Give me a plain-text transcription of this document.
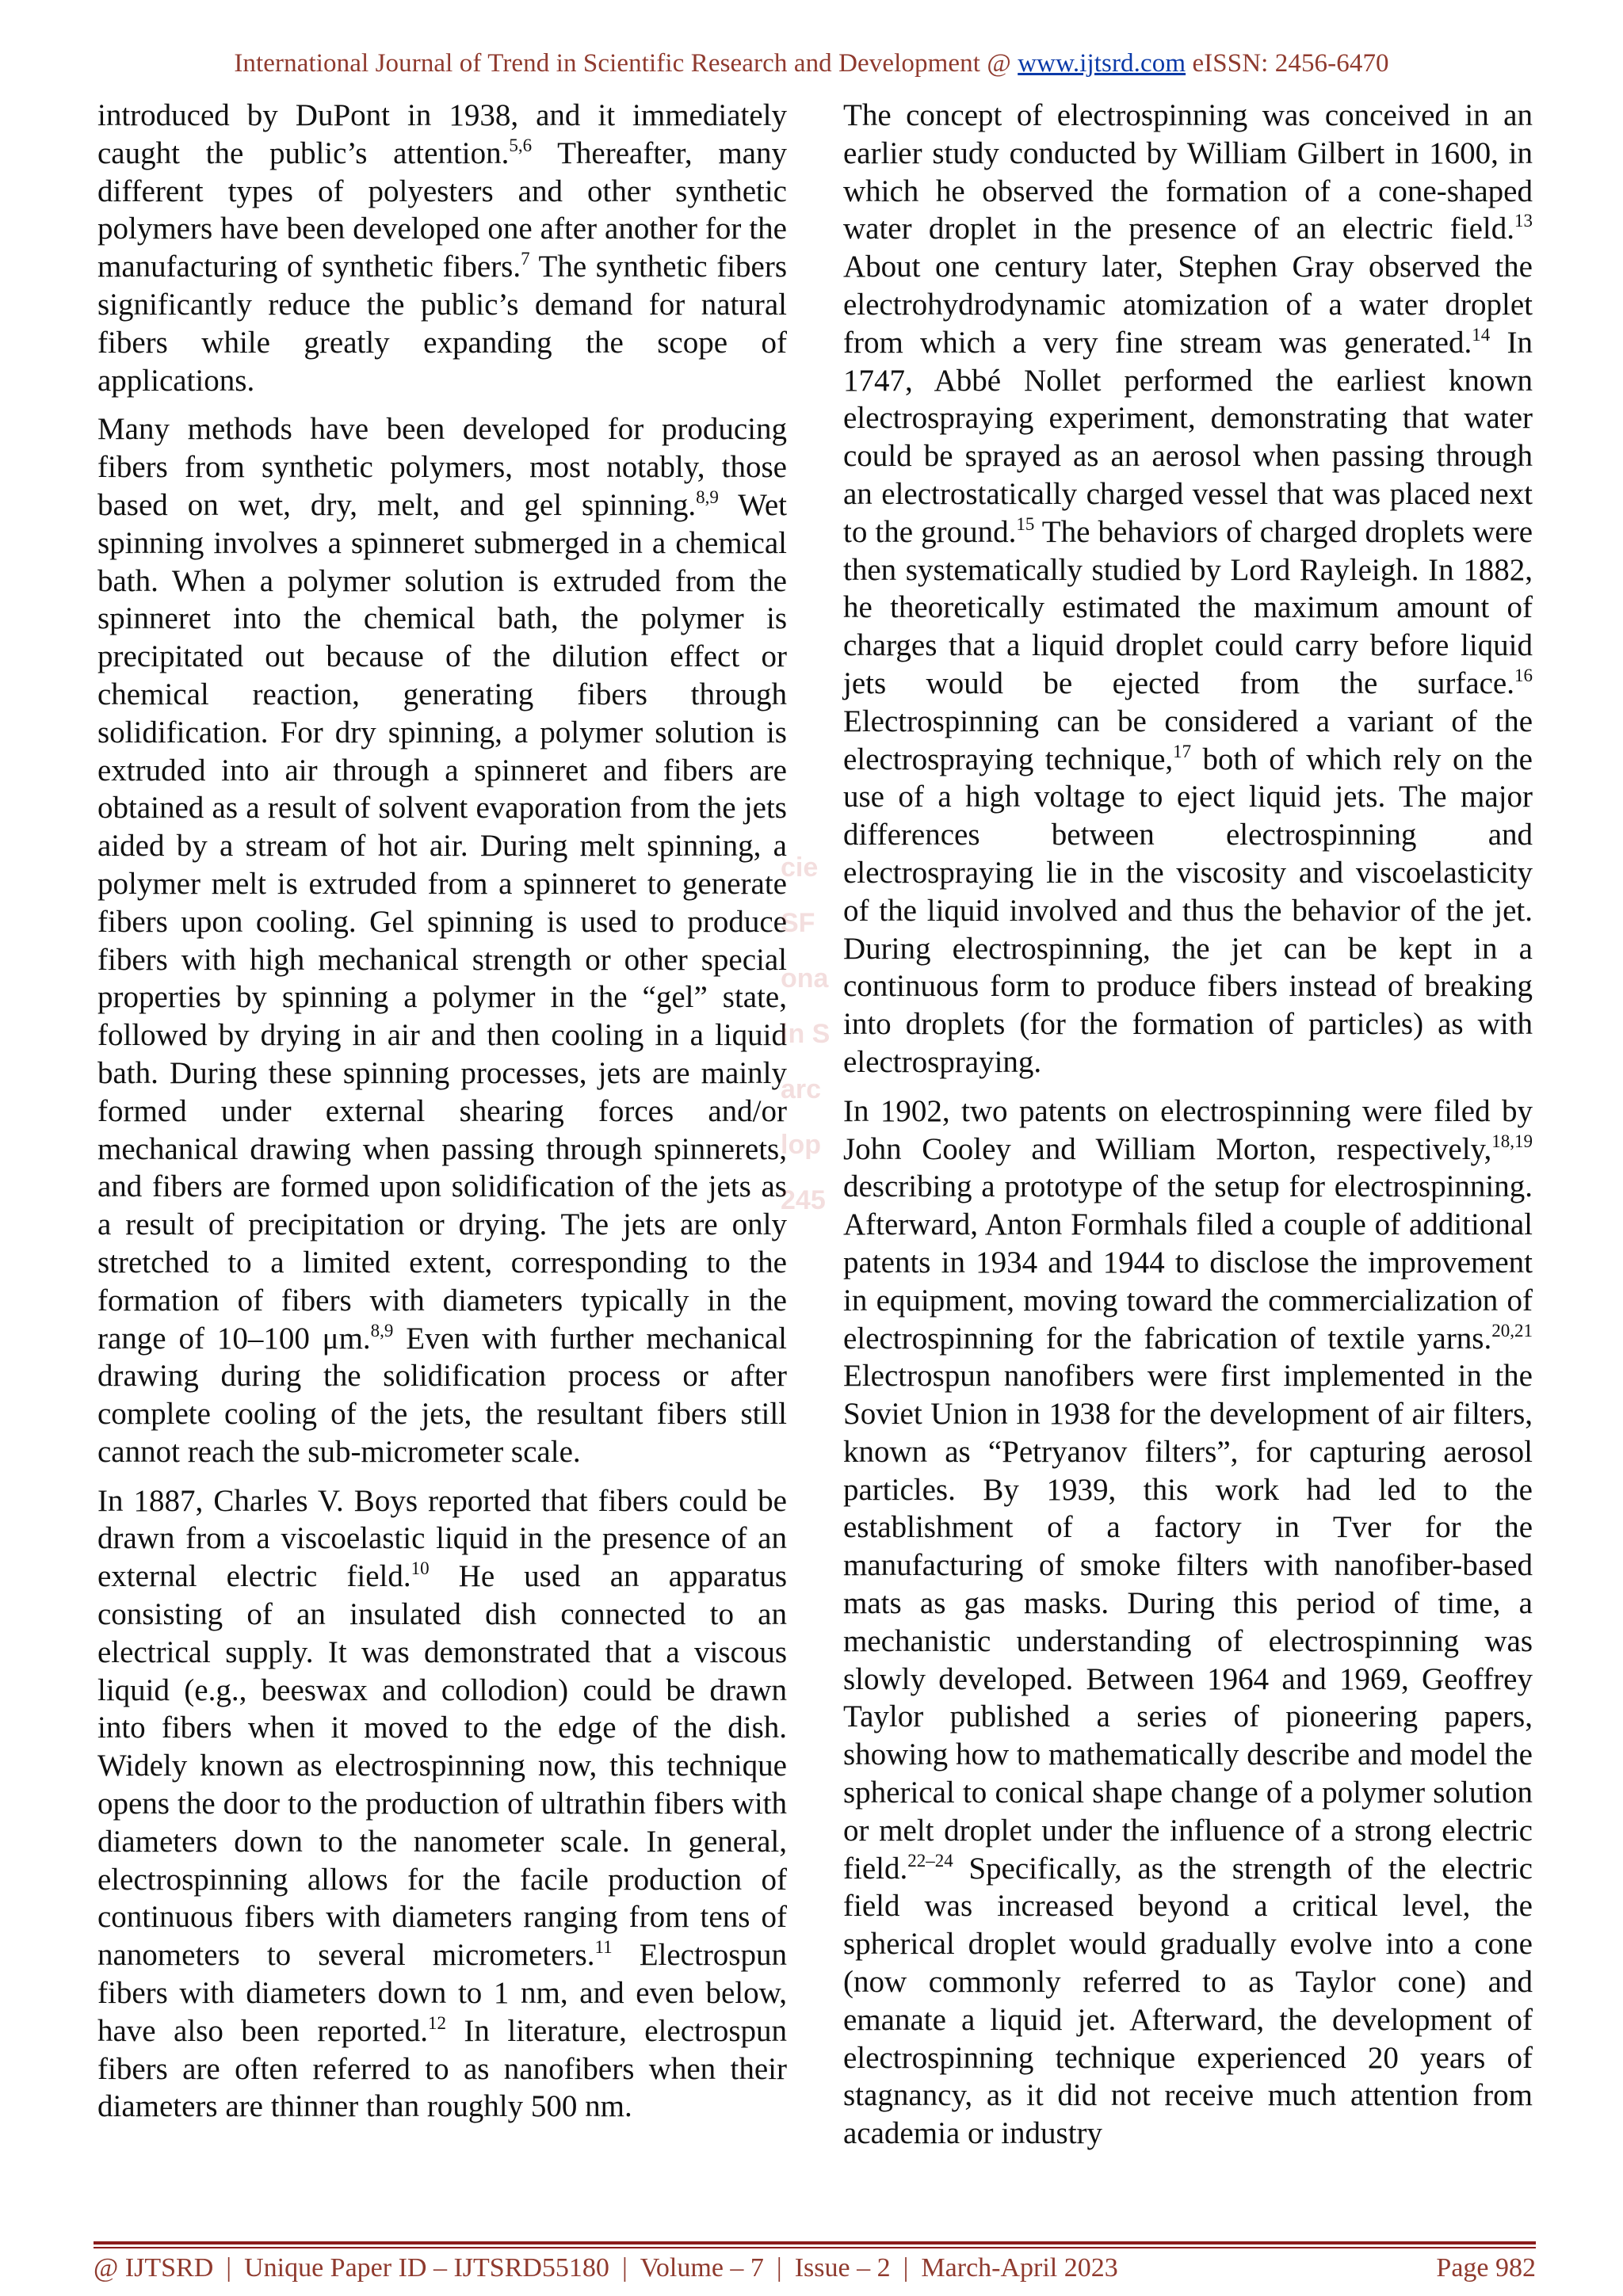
International Journal of Trend in Scientific Research and Development @ www.ijtsrd.com eISSN: 2456-6470

introduced by DuPont in 1938, and it immediately caught the public’s attention.$^{5,6}$ Thereafter, many different types of polyesters and other synthetic polymers have been developed one after another for the manufacturing of synthetic fibers.$^7$ The synthetic fibers significantly reduce the public’s demand for natural fibers while greatly expanding the scope of applications.

Many methods have been developed for producing fibers from synthetic polymers, most notably, those based on wet, dry, melt, and gel spinning.$^{8,9}$ Wet spinning involves a spinneret submerged in a chemical bath. When a polymer solution is extruded from the spinneret into the chemical bath, the polymer is precipitated out because of the dilution effect or chemical reaction, generating fibers through solidification. For dry spinning, a polymer solution is extruded into air through a spinneret and fibers are obtained as a result of solvent evaporation from the jets aided by a stream of hot air. During melt spinning, a polymer melt is extruded from a spinneret to generate fibers upon cooling. Gel spinning is used to produce fibers with high mechanical strength or other special properties by spinning a polymer in the “gel” state, followed by drying in air and then cooling in a liquid bath. During these spinning processes, jets are mainly formed under external shearing forces and/or mechanical drawing when passing through spinnerets, and fibers are formed upon solidification of the jets as a result of precipitation or drying. The jets are only stretched to a limited extent, corresponding to the formation of fibers with diameters typically in the range of 10–100 μm.$^{8,9}$ Even with further mechanical drawing during the solidification process or after complete cooling of the jets, the resultant fibers still cannot reach the sub-micrometer scale.

In 1887, Charles V. Boys reported that fibers could be drawn from a viscoelastic liquid in the presence of an external electric field.$^{10}$ He used an apparatus consisting of an insulated dish connected to an electrical supply. It was demonstrated that a viscous liquid (e.g., beeswax and collodion) could be drawn into fibers when it moved to the edge of the dish. Widely known as electrospinning now, this technique opens the door to the production of ultrathin fibers with diameters down to the nanometer scale. In general, electrospinning allows for the facile production of continuous fibers with diameters ranging from tens of nanometers to several micrometers.$^{11}$ Electrospun fibers with diameters down to 1 nm, and even below, have also been reported.$^{12}$ In literature, electrospun fibers are often referred to as nanofibers when their diameters are thinner than roughly 500 nm.

The concept of electrospinning was conceived in an earlier study conducted by William Gilbert in 1600, in which he observed the formation of a cone-shaped water droplet in the presence of an electric field.$^{13}$ About one century later, Stephen Gray observed the electrohydrodynamic atomization of a water droplet from which a very fine stream was generated.$^{14}$ In 1747, Abbé Nollet performed the earliest known electrospraying experiment, demonstrating that water could be sprayed as an aerosol when passing through an electrostatically charged vessel that was placed next to the ground.$^{15}$ The behaviors of charged droplets were then systematically studied by Lord Rayleigh. In 1882, he theoretically estimated the maximum amount of charges that a liquid droplet could carry before liquid jets would be ejected from the surface.$^{16}$ Electrospinning can be considered a variant of the electrospraying technique,$^{17}$ both of which rely on the use of a high voltage to eject liquid jets. The major differences between electrospinning and electrospraying lie in the viscosity and viscoelasticity of the liquid involved and thus the behavior of the jet. During electrospinning, the jet can be kept in a continuous form to produce fibers instead of breaking into droplets (for the formation of particles) as with electrospraying.

In 1902, two patents on electrospinning were filed by John Cooley and William Morton, respectively,$^{18,19}$ describing a prototype of the setup for electrospinning. Afterward, Anton Formhals filed a couple of additional patents in 1934 and 1944 to disclose the improvement in equipment, moving toward the commercialization of electrospinning for the fabrication of textile yarns.$^{20,21}$ Electrospun nanofibers were first implemented in the Soviet Union in 1938 for the development of air filters, known as “Petryanov filters”, for capturing aerosol particles. By 1939, this work had led to the establishment of a factory in Tver for the manufacturing of smoke filters with nanofiber-based mats as gas masks. During this period of time, a mechanistic understanding of electrospinning was slowly developed. Between 1964 and 1969, Geoffrey Taylor published a series of pioneering papers, showing how to mathematically describe and model the spherical to conical shape change of a polymer solution or melt droplet under the influence of a strong electric field.$^{22-24}$ Specifically, as the strength of the electric field was increased beyond a critical level, the spherical droplet would gradually evolve into a cone (now commonly referred to as Taylor cone) and emanate a liquid jet. Afterward, the development of electrospinning technique experienced 20 years of stagnancy, as it did not receive much attention from academia or industry

cie
SF
ona
in S
arc
lop
245
@ IJTSRD | Unique Paper ID – IJTSRD55180 | Volume – 7 | Issue – 2 | March-April 2023	Page 982
